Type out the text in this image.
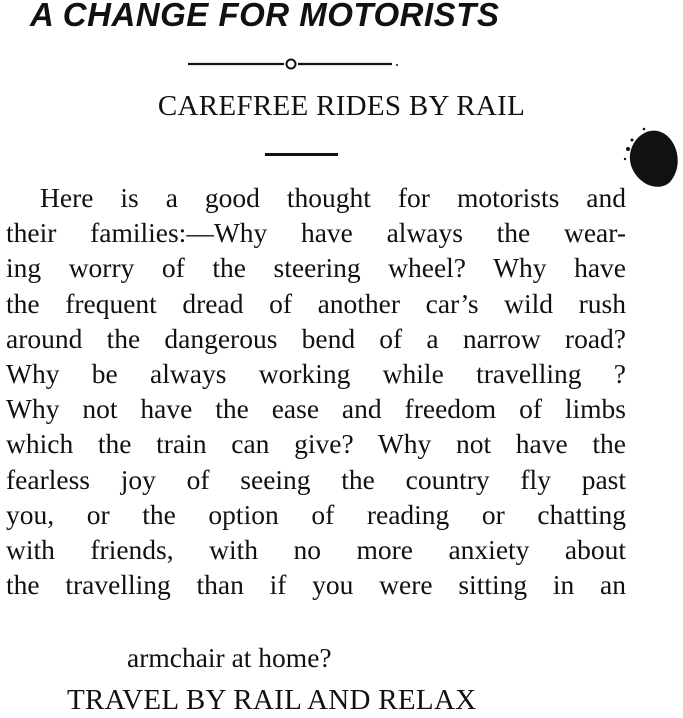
A CHANGE FOR MOTORISTS
CAREFREE RIDES BY RAIL
Here is a good thought for motorists and
their families:—Why have always the wear-
ing worry of the steering wheel? Why have
the frequent dread of another car’s wild rush
around the dangerous bend of a narrow road?
Why be always working while travelling ?
Why not have the ease and freedom of limbs
which the train can give? Why not have the
fearless joy of seeing the country fly past
you, or the option of reading or chatting
with friends, with no more anxiety about
the travelling than if you were sitting in an
armchair at home?
TRAVEL BY RAIL AND RELAX
